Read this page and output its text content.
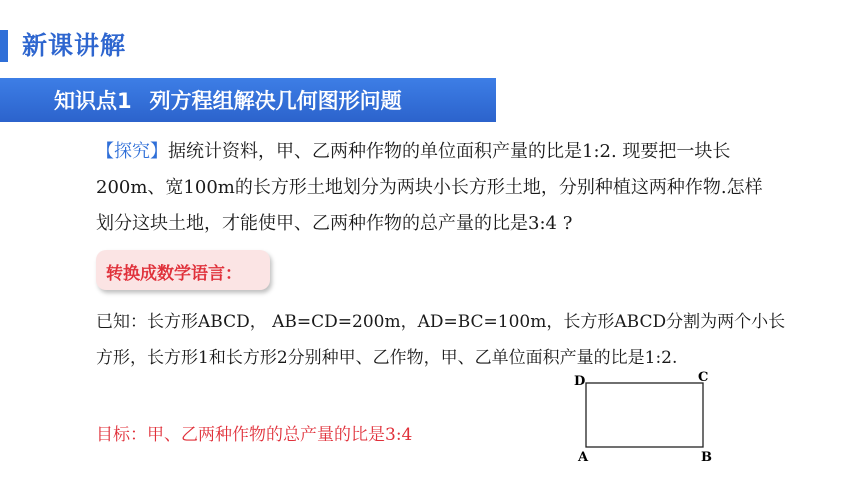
新课讲解
知识点1 列方程组解决几何图形问题

【探究】据统计资料，甲、乙两种作物的单位面积产量的比是1:2. 现要把一块长200m、宽100m的长方形土地划分为两块小长方形土地，分别种植这两种作物.怎样划分这块土地，才能使甲、乙两种作物的总产量的比是3:4 ?

转换成数学语言：

已知：长方形ABCD， AB=CD=200m，AD=BC=100m，长方形ABCD分割为两个小长方形，长方形1和长方形2分别种甲、乙作物，甲、乙单位面积产量的比是1:2.

目标：甲、乙两种作物的总产量的比是3:4

D	C
A	B
